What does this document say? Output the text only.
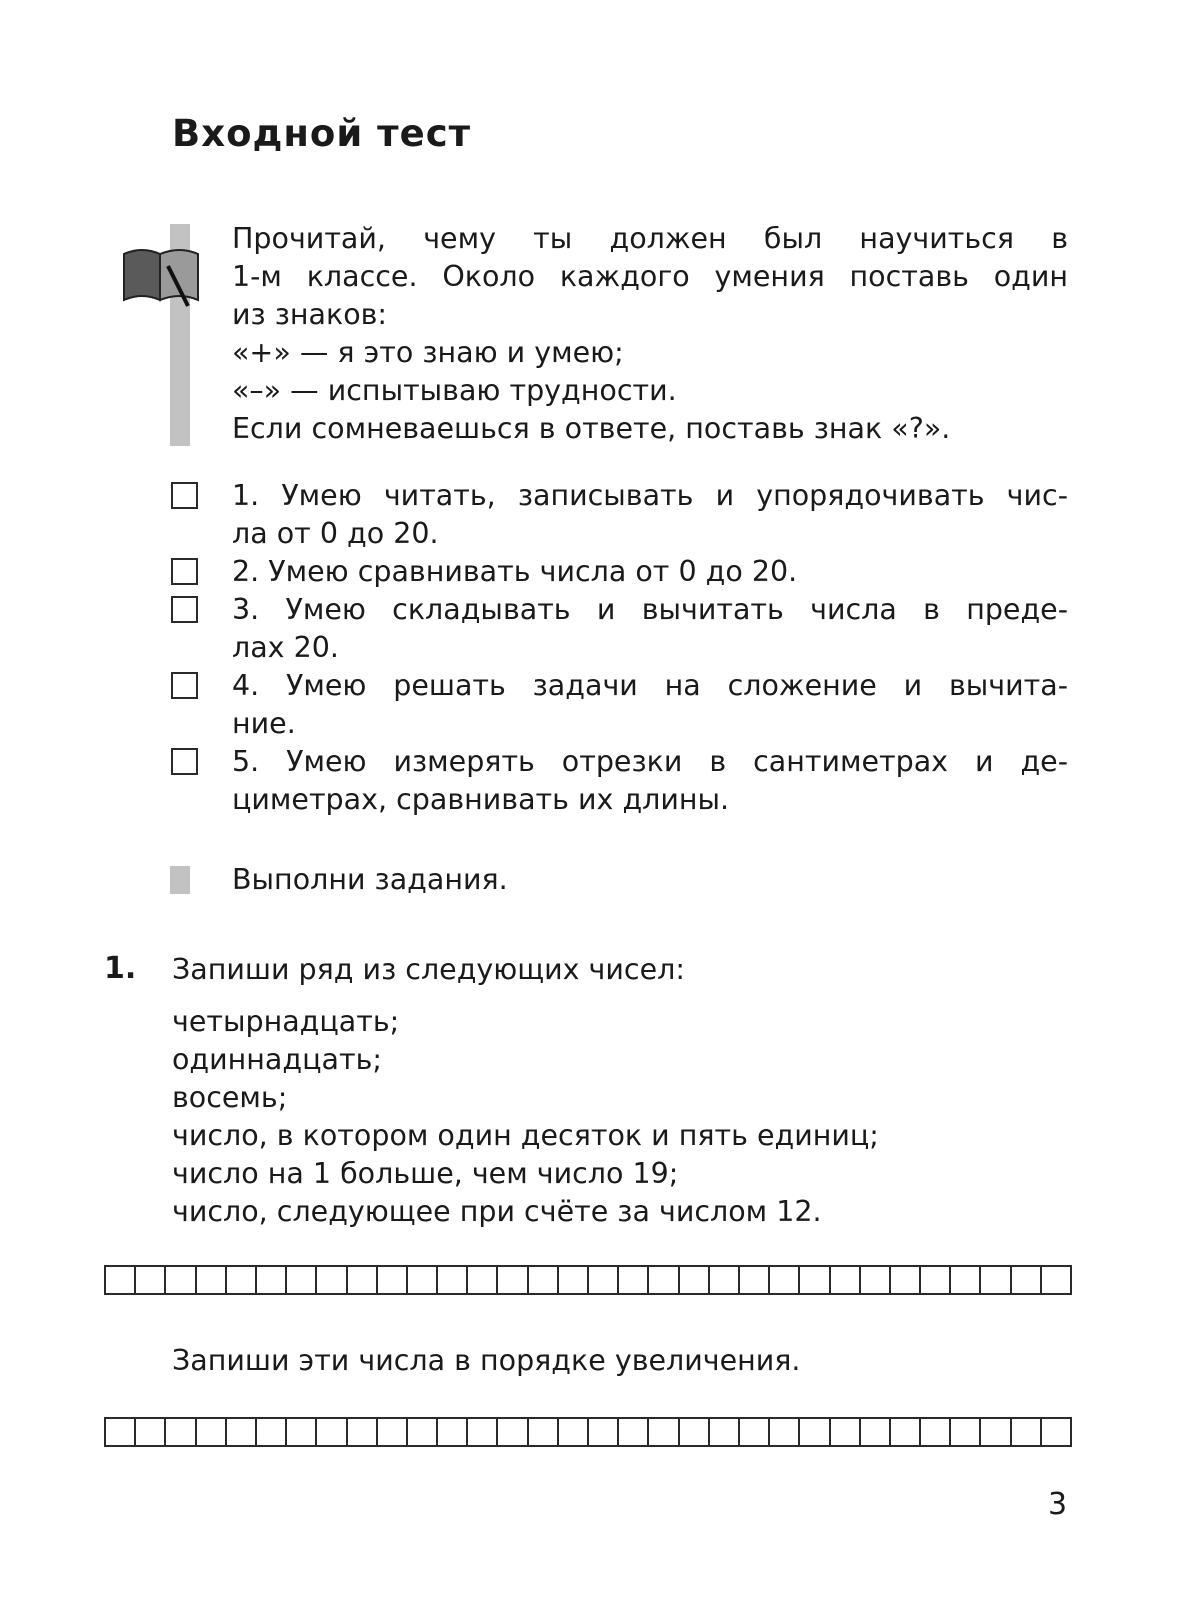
Входной тест
Прочитай, чему ты должен был научиться в
1-м классе. Около каждого умения поставь один
из знаков:
«+» — я это знаю и умею;
«–» — испытываю трудности.
Если сомневаешься в ответе, поставь знак «?».
1. Умею читать, записывать и упорядочивать чис-
ла от 0 до 20.
2. Умею сравнивать числа от 0 до 20.
3. Умею складывать и вычитать числа в преде-
лах 20.
4. Умею решать задачи на сложение и вычита-
ние.
5. Умею измерять отрезки в сантиметрах и де-
циметрах, сравнивать их длины.
Выполни задания.
1. Запиши ряд из следующих чисел:
четырнадцать;
одиннадцать;
восемь;
число, в котором один десяток и пять единиц;
число на 1 больше, чем число 19;
число, следующее при счёте за числом 12.
Запиши эти числа в порядке увеличения.
3
